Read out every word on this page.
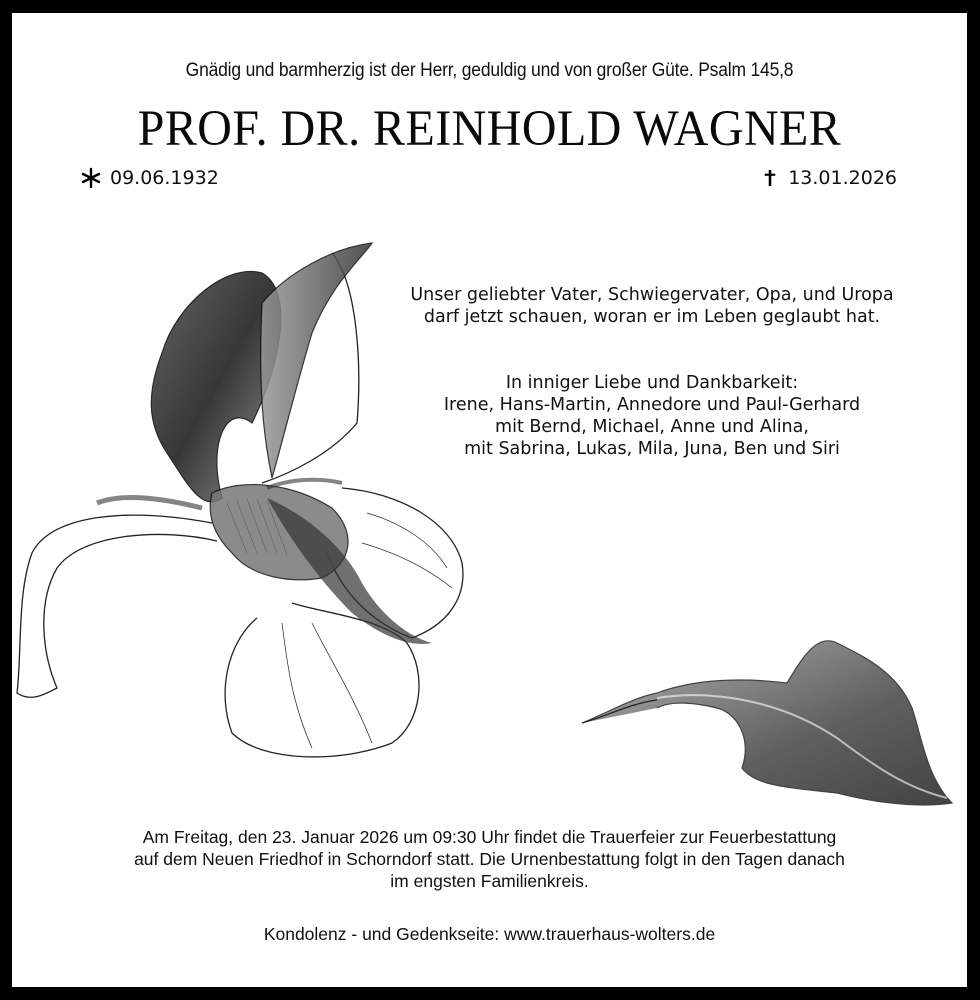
Gnädig und barmherzig ist der Herr, geduldig und von großer Güte. Psalm 145,8
PROF. DR. REINHOLD WAGNER
09.06.1932	13.01.2026

Unser geliebter Vater, Schwiegervater, Opa, und Uropa

darf jetzt schauen, woran er im Leben geglaubt hat.

In inniger Liebe und Dankbarkeit:

Irene, Hans-Martin, Annedore und Paul-Gerhard

mit Bernd, Michael, Anne und Alina,

mit Sabrina, Lukas, Mila, Juna, Ben und Siri

Am Freitag, den 23. Januar 2026 um 09:30 Uhr findet die Trauerfeier zur Feuerbestattung

auf dem Neuen Friedhof in Schorndorf statt. Die Urnenbestattung folgt in den Tagen danach

im engsten Familienkreis.

Kondolenz - und Gedenkseite: www.trauerhaus-wolters.de
